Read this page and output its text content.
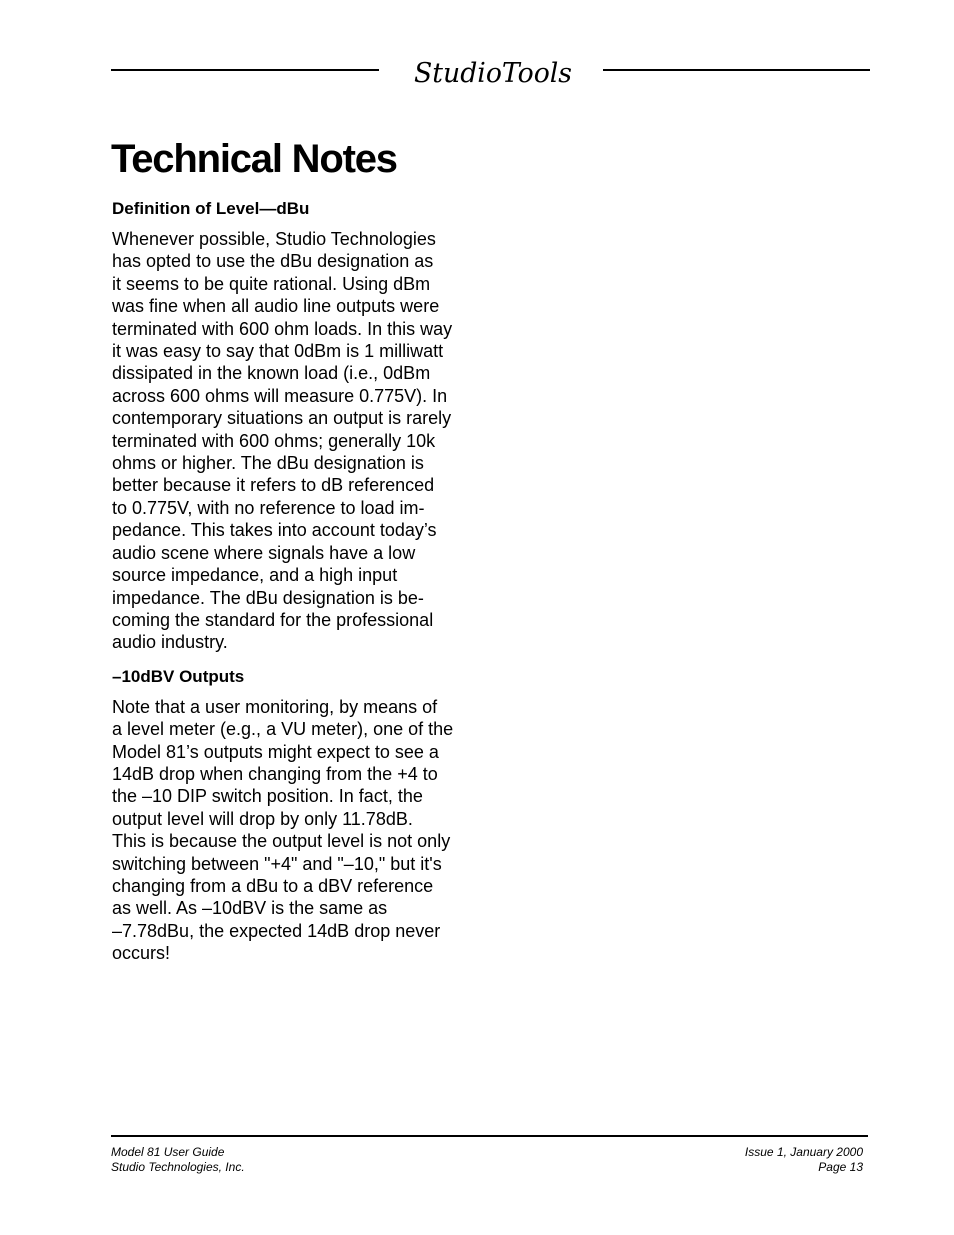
StudioTools
Technical Notes
Definition of Level—dBu

Whenever possible, Studio Technologies
has opted to use the dBu designation as
it seems to be quite rational. Using dBm
was fine when all audio line outputs were
terminated with 600 ohm loads. In this way
it was easy to say that 0dBm is 1 milliwatt
dissipated in the known load (i.e., 0dBm
across 600 ohms will measure 0.775V). In
contemporary situations an output is rarely
terminated with 600 ohms; generally 10k
ohms or higher. The dBu designation is
better because it refers to dB referenced
to 0.775V, with no reference to load im-
pedance. This takes into account today’s
audio scene where signals have a low
source impedance, and a high input
impedance. The dBu designation is be-
coming the standard for the professional
audio industry.

–10dBV Outputs

Note that a user monitoring, by means of
a level meter (e.g., a VU meter), one of the
Model 81’s outputs might expect to see a
14dB drop when changing from the +4 to
the –10 DIP switch position. In fact, the
output level will drop by only 11.78dB.
This is because the output level is not only
switching between "+4" and "–10," but it's
changing from a dBu to a dBV reference
as well. As –10dBV is the same as
–7.78dBu, the expected 14dB drop never
occurs!

Model 81 User Guide
Studio Technologies, Inc.
Issue 1, January 2000
Page 13
